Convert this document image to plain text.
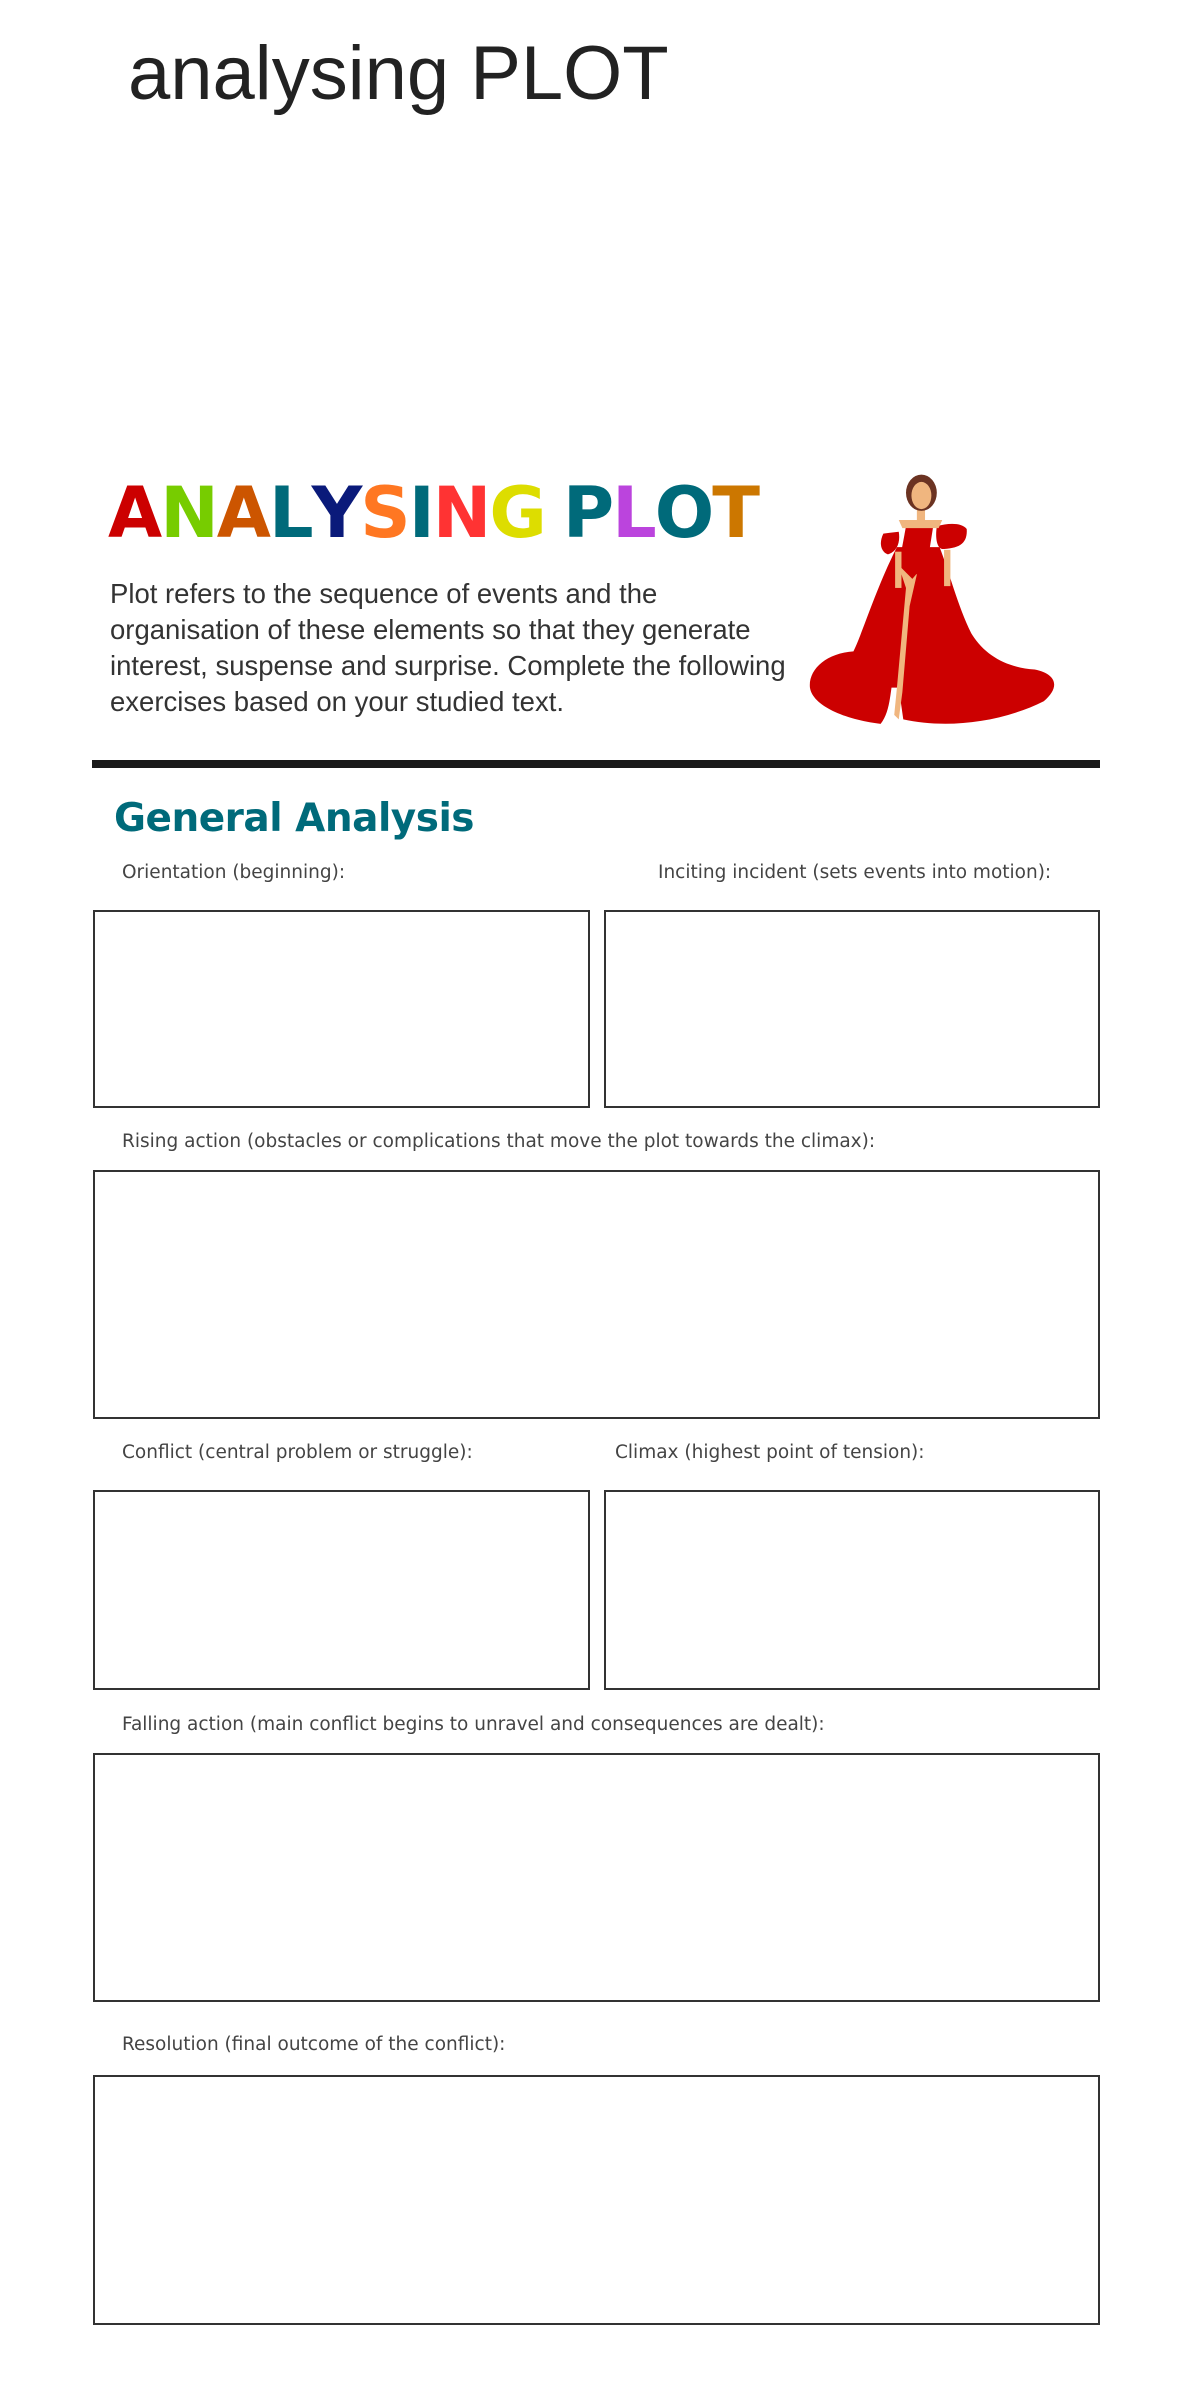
analysing PLOT
ANALYSING PLOT
Plot refers to the sequence of events and the organisation of these elements so that they generate interest, suspense and surprise. Complete the following exercises based on your studied text.
General Analysis
Orientation (beginning):	Inciting incident (sets events into motion):
Rising action (obstacles or complications that move the plot towards the climax):
Conflict (central problem or struggle):	Climax (highest point of tension):
Falling action (main conflict begins to unravel and consequences are dealt):
Resolution (final outcome of the conflict):
